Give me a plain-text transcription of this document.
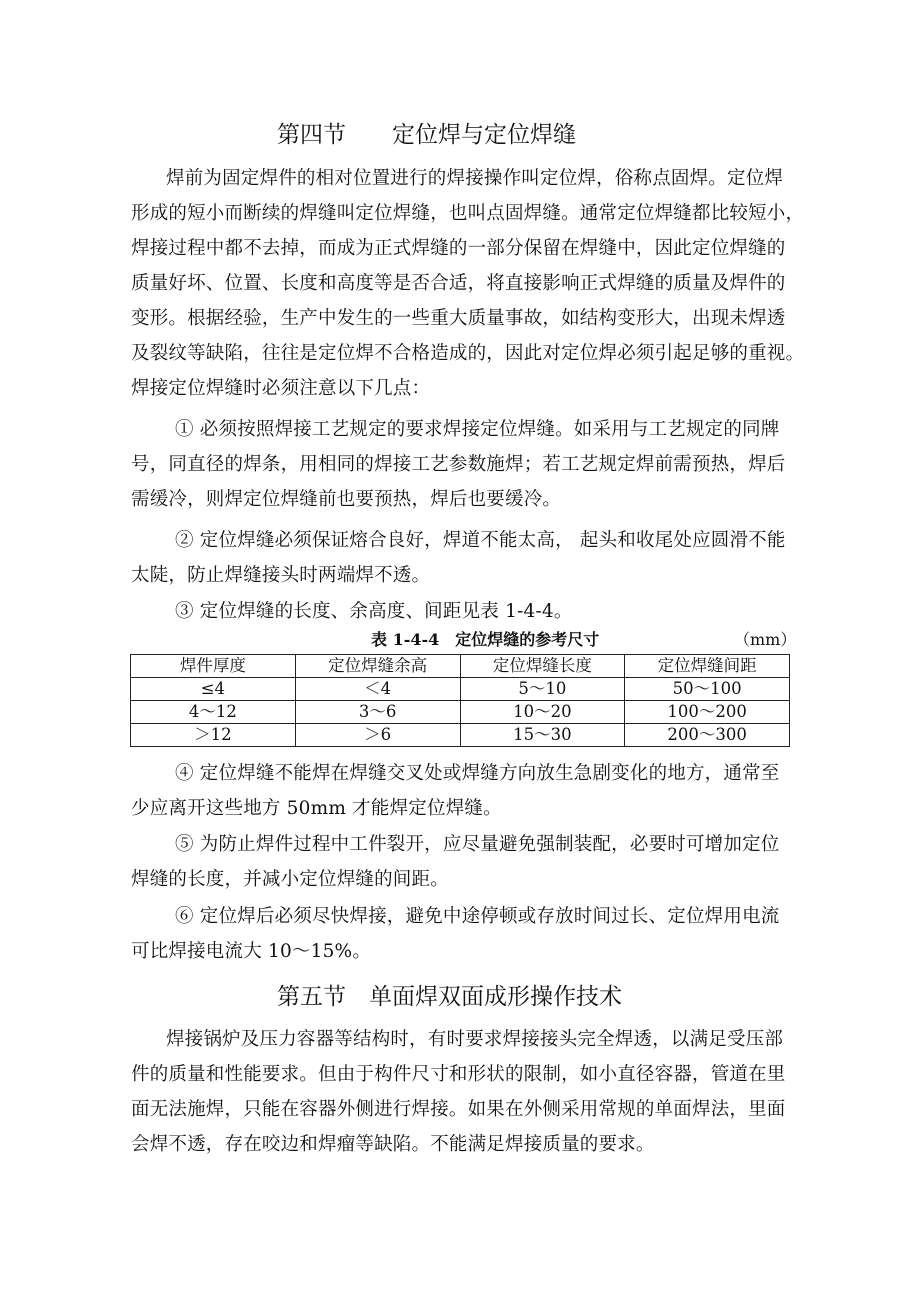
第四节　　定位焊与定位焊缝
焊前为固定焊件的相对位置进行的焊接操作叫定位焊，俗称点固焊。定位焊
形成的短小而断续的焊缝叫定位焊缝，也叫点固焊缝。通常定位焊缝都比较短小，
焊接过程中都不去掉，而成为正式焊缝的一部分保留在焊缝中，因此定位焊缝的
质量好坏、位置、长度和高度等是否合适，将直接影响正式焊缝的质量及焊件的
变形。根据经验，生产中发生的一些重大质量事故，如结构变形大，出现未焊透
及裂纹等缺陷，往往是定位焊不合格造成的，因此对定位焊必须引起足够的重视。
焊接定位焊缝时必须注意以下几点：
① 必须按照焊接工艺规定的要求焊接定位焊缝。如采用与工艺规定的同牌
号，同直径的焊条，用相同的焊接工艺参数施焊；若工艺规定焊前需预热，焊后
需缓冷，则焊定位焊缝前也要预热，焊后也要缓冷。
② 定位焊缝必须保证熔合良好，焊道不能太高， 起头和收尾处应圆滑不能
太陡，防止焊缝接头时两端焊不透。
③ 定位焊缝的长度、余高度、间距见表 1-4-4。
表 1-4-4　定位焊缝的参考尺寸	（mm）
焊件厚度	定位焊缝余高	定位焊缝长度	定位焊缝间距
≤4	＜4	5～10	50～100
4～12	3～6	10～20	100～200
＞12	＞6	15～30	200～300
④ 定位焊缝不能焊在焊缝交叉处或焊缝方向放生急剧变化的地方，通常至
少应离开这些地方 50mm 才能焊定位焊缝。
⑤ 为防止焊件过程中工件裂开，应尽量避免强制装配，必要时可增加定位
焊缝的长度，并减小定位焊缝的间距。
⑥ 定位焊后必须尽快焊接，避免中途停顿或存放时间过长、定位焊用电流
可比焊接电流大 10～15%。
第五节　单面焊双面成形操作技术
焊接锅炉及压力容器等结构时，有时要求焊接接头完全焊透，以满足受压部
件的质量和性能要求。但由于构件尺寸和形状的限制，如小直径容器，管道在里
面无法施焊，只能在容器外侧进行焊接。如果在外侧采用常规的单面焊法，里面
会焊不透，存在咬边和焊瘤等缺陷。不能满足焊接质量的要求。
